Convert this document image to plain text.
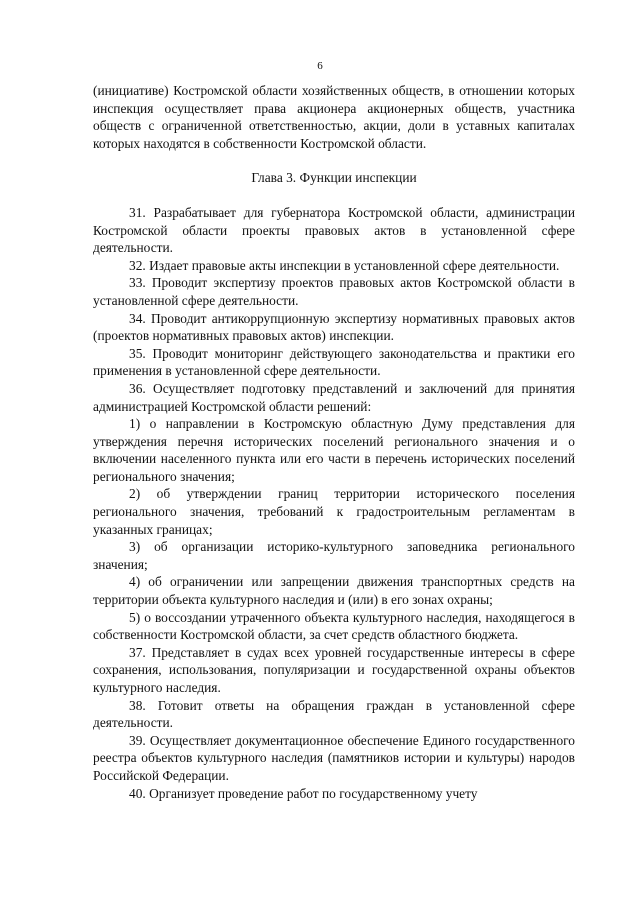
6

(инициативе) Костромской области хозяйственных обществ, в отношении которых инспекция осуществляет права акционера акционерных обществ, участника обществ с ограниченной ответственностью, акции, доли в уставных капиталах которых находятся в собственности Костромской области.

Глава 3. Функции инспекции

31. Разрабатывает для губернатора Костромской области, администрации Костромской области проекты правовых актов в установленной сфере деятельности.

32. Издает правовые акты инспекции в установленной сфере деятельности.

33. Проводит экспертизу проектов правовых актов Костромской области в установленной сфере деятельности.

34. Проводит антикоррупционную экспертизу нормативных правовых актов (проектов нормативных правовых актов) инспекции.

35. Проводит мониторинг действующего законодательства и практики его применения в установленной сфере деятельности.

36. Осуществляет подготовку представлений и заключений для принятия администрацией Костромской области решений:

1) о направлении в Костромскую областную Думу представления для утверждения перечня исторических поселений регионального значения и о включении населенного пункта или его части в перечень исторических поселений регионального значения;

2) об утверждении границ территории исторического поселения регионального значения, требований к градостроительным регламентам в указанных границах;

3) об организации историко-культурного заповедника регионального значения;

4) об ограничении или запрещении движения транспортных средств на территории объекта культурного наследия и (или) в его зонах охраны;

5) о воссоздании утраченного объекта культурного наследия, находящегося в собственности Костромской области, за счет средств областного бюджета.

37. Представляет в судах всех уровней государственные интересы в сфере сохранения, использования, популяризации и государственной охраны объектов культурного наследия.

38. Готовит ответы на обращения граждан в установленной сфере деятельности.

39. Осуществляет документационное обеспечение Единого государственного реестра объектов культурного наследия (памятников истории и культуры) народов Российской Федерации.

40. Организует проведение работ по государственному учету
